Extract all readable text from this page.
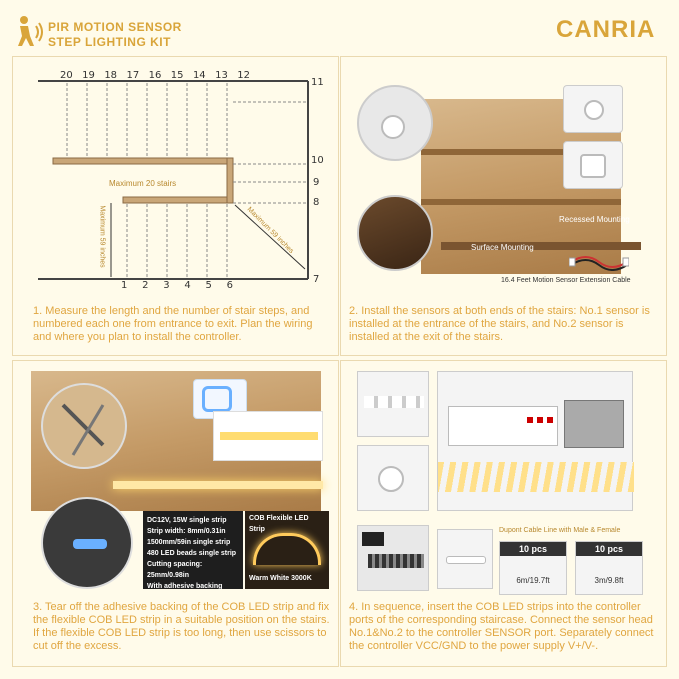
PIR MOTION SENSOR
STEP LIGHTING KIT	CANRIA
20 19 18 17 16 15 14 13 12
1 2 3 4 5 6
11
10
9
8
7
Maximum 20 stairs
Maximum 59 inches	Maximum 59 inches

1. Measure the length and the number of stair steps, and numbered each one from entrance to exit. Plan the wiring and where you plan to install the controller.

Recessed Mounting
Surface Mounting
16.4 Feet Motion Sensor Extension Cable

2. Install the sensors at both ends of the stairs: No.1 sensor is installed at the entrance of the stairs, and No.2 sensor is installed at the exit of the stairs.

DC12V, 15W single strip
Strip width: 8mm/0.31in
1500mm/59in single strip
480 LED beads single strip
Cutting spacing: 25mm/0.98in
With adhesive backing
COB Flexible LED Strip
Warm White 3000K

3. Tear off the adhesive backing of the COB LED strip and fix the flexible COB LED strip in a suitable position on the stairs. If the flexible COB LED strip is too long, then use scissors to cut off the excess.

Dupont Cable Line with Male & Female
10 pcs
6m/19.7ft
10 pcs
3m/9.8ft

4. In sequence, insert the COB LED strips into the controller ports of the corresponding staircase. Connect the sensor head No.1&No.2 to the controller SENSOR port. Separately connect the controller VCC/GND to the power supply V+/V-.
